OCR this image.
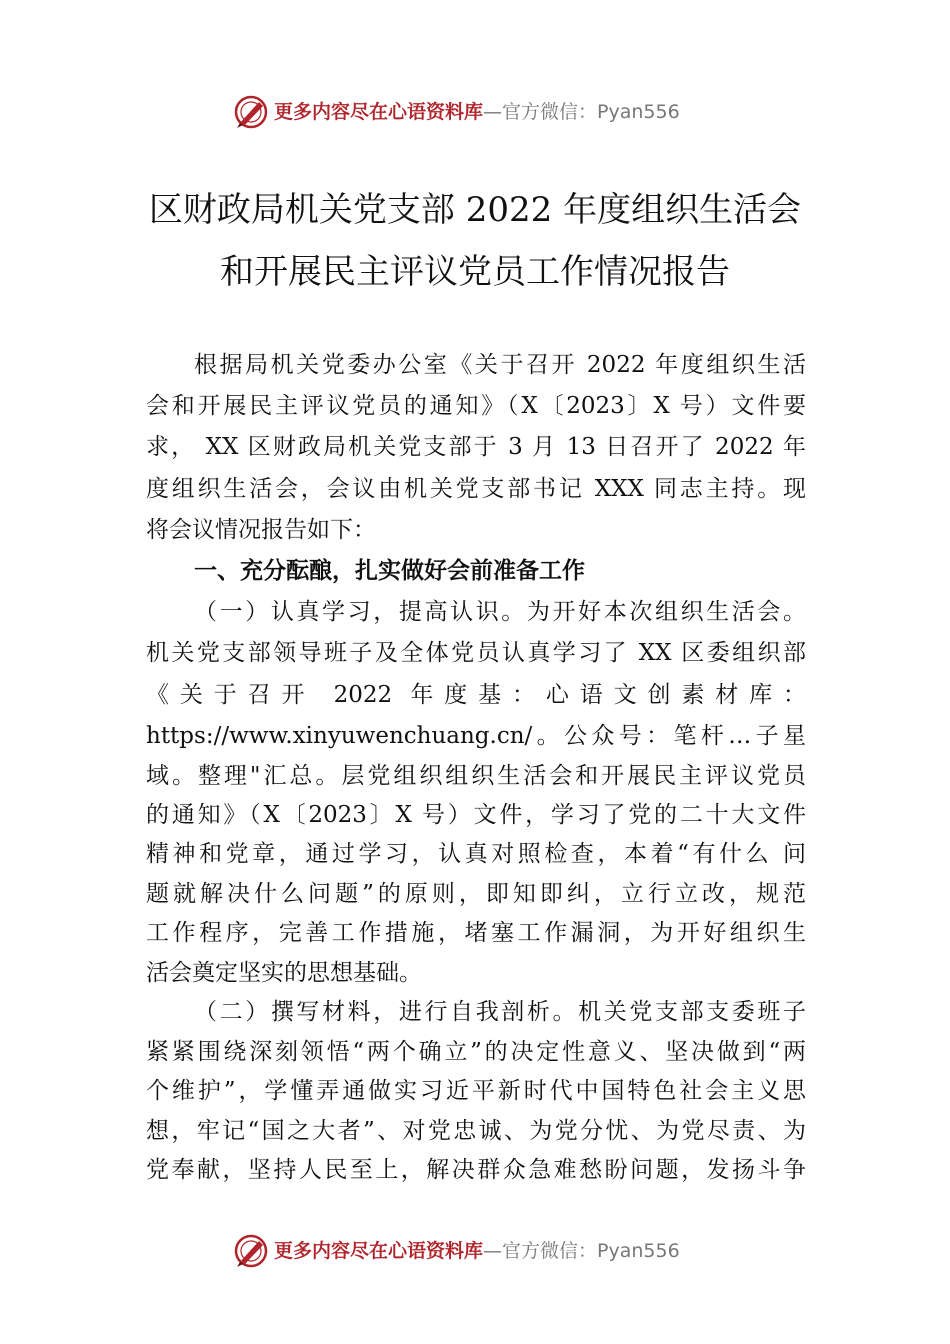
更多内容尽在心语资料库—官方微信：Pyan556
区财政局机关党支部 2022 年度组织生活会
和开展民主评议党员工作情况报告
根据局机关党委办公室《关于召开 2022 年度组织生活
会和开展民主评议党员的通知》（X〔2023〕X 号）文件要
求， XX 区财政局机关党支部于 3 月 13 日召开了 2022 年
度组织生活会，会议由机关党支部书记 XXX 同志主持。现
将会议情况报告如下：
一、充分酝酿，扎实做好会前准备工作
（一）认真学习，提高认识。为开好本次组织生活会。
机关党支部领导班子及全体党员认真学习了 XX 区委组织部
《关于召开 2022 年度基：心语文创素材库：
https://www.xinyuwenchuang.cn/。公众号：笔杆…子星
域。整理"汇总。层党组织组织生活会和开展民主评议党员
的通知》（X〔2023〕X 号）文件，学习了党的二十大文件
精神和党章，通过学习，认真对照检查，本着“有什么 问
题就解决什么问题”的原则，即知即纠，立行立改，规范
工作程序，完善工作措施，堵塞工作漏洞，为开好组织生
活会奠定坚实的思想基础。
（二）撰写材料，进行自我剖析。机关党支部支委班子
紧紧围绕深刻领悟“两个确立”的决定性意义、坚决做到“两
个维护”，学懂弄通做实习近平新时代中国特色社会主义思
想，牢记“国之大者”、对党忠诚、为党分忧、为党尽责、为
党奉献，坚持人民至上，解决群众急难愁盼问题，发扬斗争
更多内容尽在心语资料库—官方微信：Pyan556
